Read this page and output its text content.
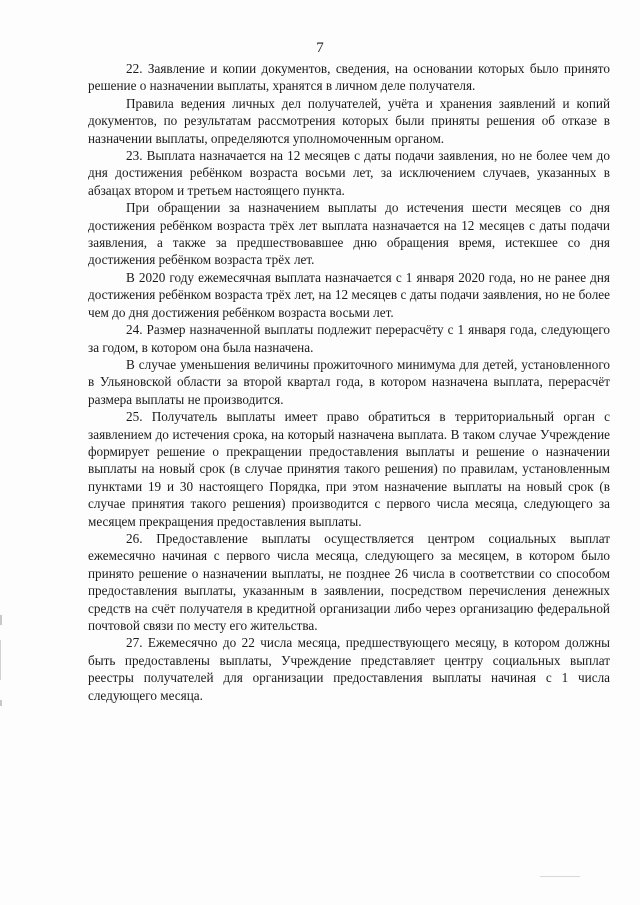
7

22. Заявление и копии документов, сведения, на основании которых было принято решение о назначении выплаты, хранятся в личном деле получателя.

Правила ведения личных дел получателей, учёта и хранения заявлений и копий документов, по результатам рассмотрения которых были приняты решения об отказе в назначении выплаты, определяются уполномоченным органом.

23. Выплата назначается на 12 месяцев с даты подачи заявления, но не более чем до дня достижения ребёнком возраста восьми лет, за исключением случаев, указанных в абзацах втором и третьем настоящего пункта.

При обращении за назначением выплаты до истечения шести месяцев со дня достижения ребёнком возраста трёх лет выплата назначается на 12 месяцев с даты подачи заявления, а также за предшествовавшее дню обращения время, истекшее со дня достижения ребёнком возраста трёх лет.

В 2020 году ежемесячная выплата назначается с 1 января 2020 года, но не ранее дня достижения ребёнком возраста трёх лет, на 12 месяцев с даты подачи заявления, но не более чем до дня достижения ребёнком возраста восьми лет.

24. Размер назначенной выплаты подлежит перерасчёту с 1 января года, следующего за годом, в котором она была назначена.

В случае уменьшения величины прожиточного минимума для детей, установленного в Ульяновской области за второй квартал года, в котором назначена выплата, перерасчёт размера выплаты не производится.

25. Получатель выплаты имеет право обратиться в территориальный орган с заявлением до истечения срока, на который назначена выплата. В таком случае Учреждение формирует решение о прекращении предоставления выплаты и решение о назначении выплаты на новый срок (в случае принятия такого решения) по правилам, установленным пунктами 19 и 30 настоящего Порядка, при этом назначение выплаты на новый срок (в случае принятия такого решения) производится с первого числа месяца, следующего за месяцем прекращения предоставления выплаты.

26. Предоставление выплаты осуществляется центром социальных выплат ежемесячно начиная с первого числа месяца, следующего за месяцем, в котором было принято решение о назначении выплаты, не позднее 26 числа в соответствии со способом предоставления выплаты, указанным в заявлении, посредством перечисления денежных средств на счёт получателя в кредитной организации либо через организацию федеральной почтовой связи по месту его жительства.

27. Ежемесячно до 22 числа месяца, предшествующего месяцу, в котором должны быть предоставлены выплаты, Учреждение представляет центру социальных выплат реестры получателей для организации предоставления выплаты начиная с 1 числа следующего месяца.
